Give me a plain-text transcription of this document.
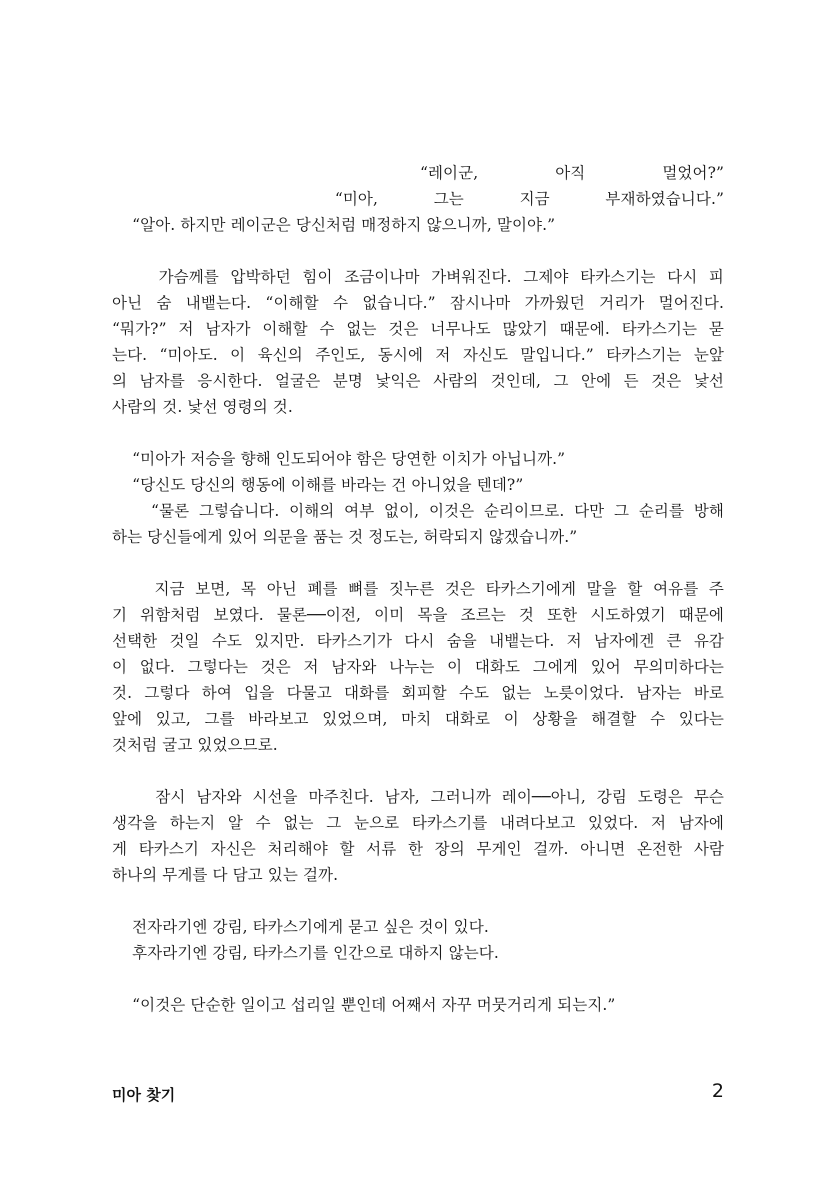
“레이군, 아직 멀었어?”
“미아, 그는 지금 부재하였습니다.”
“알아. 하지만 레이군은 당신처럼 매정하지 않으니까, 말이야.”
가슴께를 압박하던 힘이 조금이나마 가벼워진다. 그제야 타카스기는 다시 피
아닌 숨 내뱉는다. “이해할 수 없습니다.” 잠시나마 가까웠던 거리가 멀어진다.
“뭐가?” 저 남자가 이해할 수 없는 것은 너무나도 많았기 때문에. 타카스기는 묻
는다. “미아도. 이 육신의 주인도, 동시에 저 자신도 말입니다.” 타카스기는 눈앞
의 남자를 응시한다. 얼굴은 분명 낯익은 사람의 것인데, 그 안에 든 것은 낯선
사람의 것. 낯선 영령의 것.
“미아가 저승을 향해 인도되어야 함은 당연한 이치가 아닙니까.”
“당신도 당신의 행동에 이해를 바라는 건 아니었을 텐데?”
“물론 그렇습니다. 이해의 여부 없이, 이것은 순리이므로. 다만 그 순리를 방해
하는 당신들에게 있어 의문을 품는 것 정도는, 허락되지 않겠습니까.”
지금 보면, 목 아닌 폐를 뼈를 짓누른 것은 타카스기에게 말을 할 여유를 주
기 위함처럼 보였다. 물론──이전, 이미 목을 조르는 것 또한 시도하였기 때문에
선택한 것일 수도 있지만. 타카스기가 다시 숨을 내뱉는다. 저 남자에겐 큰 유감
이 없다. 그렇다는 것은 저 남자와 나누는 이 대화도 그에게 있어 무의미하다는
것. 그렇다 하여 입을 다물고 대화를 회피할 수도 없는 노릇이었다. 남자는 바로
앞에 있고, 그를 바라보고 있었으며, 마치 대화로 이 상황을 해결할 수 있다는
것처럼 굴고 있었으므로.
잠시 남자와 시선을 마주친다. 남자, 그러니까 레이──아니, 강림 도령은 무슨
생각을 하는지 알 수 없는 그 눈으로 타카스기를 내려다보고 있었다. 저 남자에
게 타카스기 자신은 처리해야 할 서류 한 장의 무게인 걸까. 아니면 온전한 사람
하나의 무게를 다 담고 있는 걸까.
전자라기엔 강림, 타카스기에게 묻고 싶은 것이 있다.
후자라기엔 강림, 타카스기를 인간으로 대하지 않는다.
“이것은 단순한 일이고 섭리일 뿐인데 어째서 자꾸 머뭇거리게 되는지.”
미아 찾기	2
